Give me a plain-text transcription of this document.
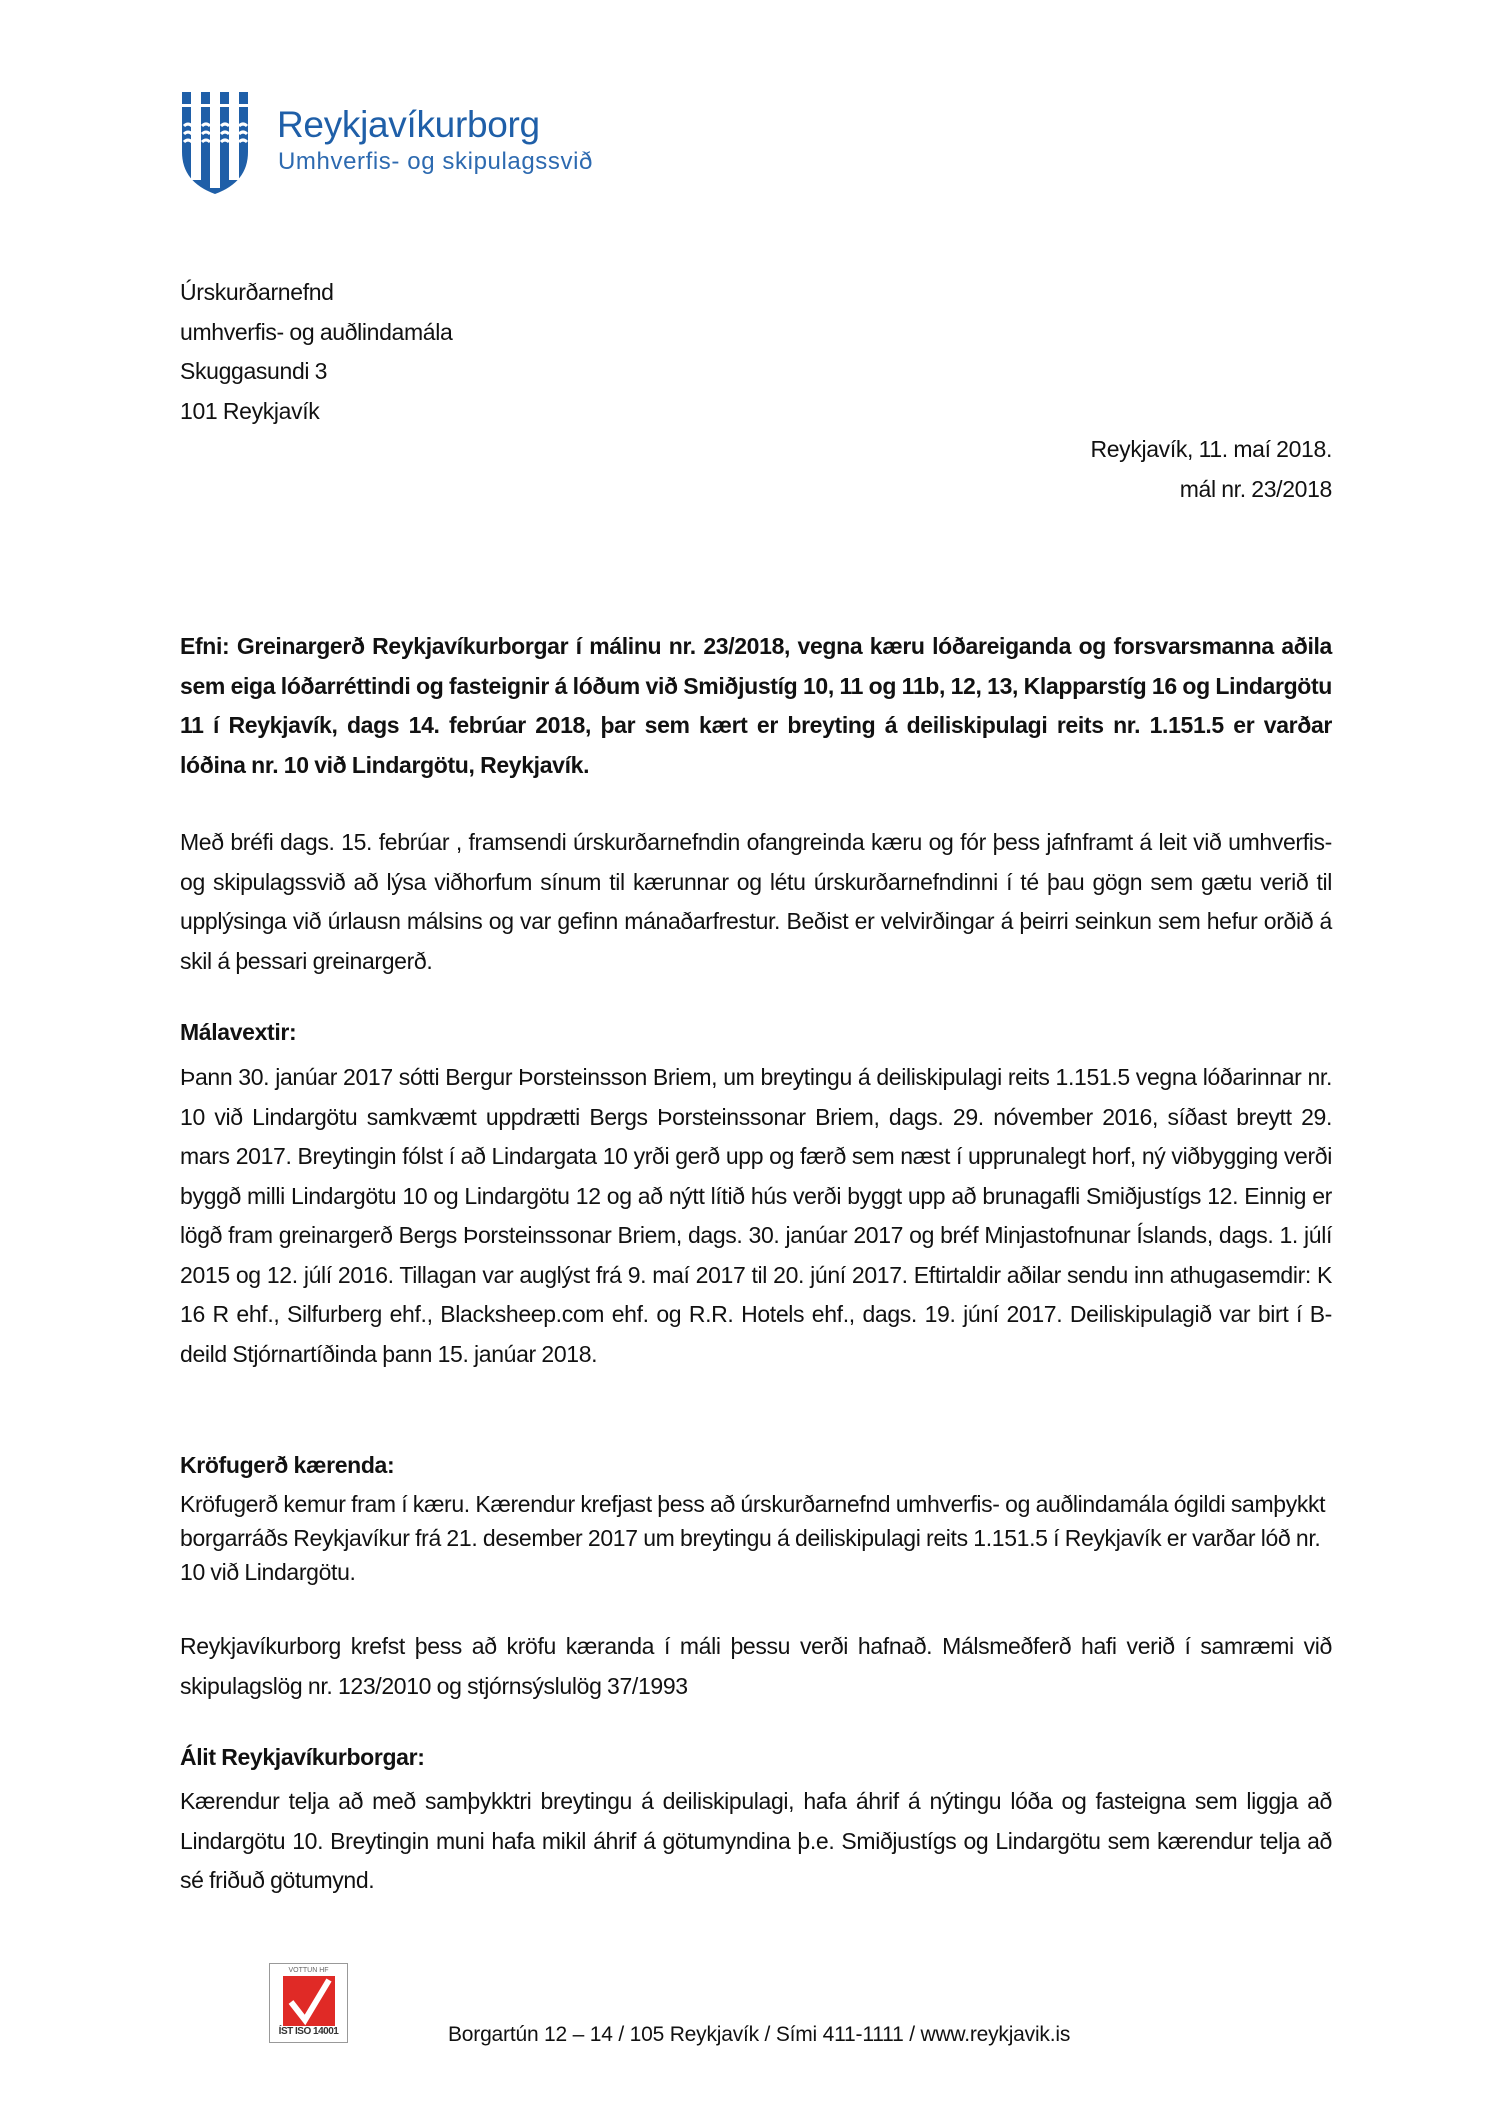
Reykjavíkurborg
Umhverfis- og skipulagssvið
Úrskurðarnefnd
umhverfis- og auðlindamála
Skuggasundi 3
101 Reykjavík
Reykjavík, 11. maí 2018.
mál nr. 23/2018
Efni: Greinargerð Reykjavíkurborgar í málinu nr. 23/2018, vegna kæru lóðareiganda og forsvarsmanna aðila sem eiga lóðarréttindi og fasteignir á lóðum við Smiðjustíg 10, 11 og 11b, 12, 13, Klapparstíg 16 og Lindargötu 11 í Reykjavík, dags 14. febrúar 2018, þar sem kært er breyting á deiliskipulagi reits nr. 1.151.5 er varðar lóðina nr. 10 við Lindargötu, Reykjavík.
Með bréfi dags. 15. febrúar , framsendi úrskurðarnefndin ofangreinda kæru og fór þess jafnframt á leit við umhverfis- og skipulagssvið að lýsa viðhorfum sínum til kærunnar og létu úrskurðarnefndinni í té þau gögn sem gætu verið til upplýsinga við úrlausn málsins og var gefinn mánaðarfrestur. Beðist er velvirðingar á þeirri seinkun sem hefur orðið á skil á þessari greinargerð.
Málavextir:
Þann 30. janúar 2017 sótti Bergur Þorsteinsson Briem, um breytingu á deiliskipulagi reits 1.151.5 vegna lóðarinnar nr. 10 við Lindargötu samkvæmt uppdrætti Bergs Þorsteinssonar Briem, dags. 29. nóvember 2016, síðast breytt 29. mars 2017. Breytingin fólst í að Lindargata 10 yrði gerð upp og færð sem næst í upprunalegt horf, ný viðbygging verði byggð milli Lindargötu 10 og Lindargötu 12 og að nýtt lítið hús verði byggt upp að brunagafli Smiðjustígs 12. Einnig er lögð fram greinargerð Bergs Þorsteinssonar Briem, dags. 30. janúar 2017 og bréf Minjastofnunar Íslands, dags. 1. júlí 2015 og 12. júlí 2016. Tillagan var auglýst frá 9. maí 2017 til 20. júní 2017. Eftirtaldir aðilar sendu inn athugasemdir: K 16 R ehf., Silfurberg ehf., Blacksheep.com ehf. og R.R. Hotels ehf., dags. 19. júní 2017. Deiliskipulagið var birt í B- deild Stjórnartíðinda þann 15. janúar 2018.
Kröfugerð kærenda:
Kröfugerð kemur fram í kæru. Kærendur krefjast þess að úrskurðarnefnd umhverfis- og auðlindamála ógildi samþykkt borgarráðs Reykjavíkur frá 21. desember 2017 um breytingu á deiliskipulagi reits 1.151.5 í Reykjavík er varðar lóð nr. 10 við Lindargötu.
Reykjavíkurborg krefst þess að kröfu kæranda í máli þessu verði hafnað. Málsmeðferð hafi verið í samræmi við skipulagslög nr. 123/2010 og stjórnsýslulög 37/1993
Álit Reykjavíkurborgar:
Kærendur telja að með samþykktri breytingu á deiliskipulagi, hafa áhrif á nýtingu lóða og fasteigna sem liggja að Lindargötu 10. Breytingin muni hafa mikil áhrif á götumyndina þ.e. Smiðjustígs og Lindargötu sem kærendur telja að sé friðuð götumynd.
VOTTUN HF
ÍST ISO 14001	Borgartún 12 – 14 / 105 Reykjavík / Sími 411-1111 / www.reykjavik.is
